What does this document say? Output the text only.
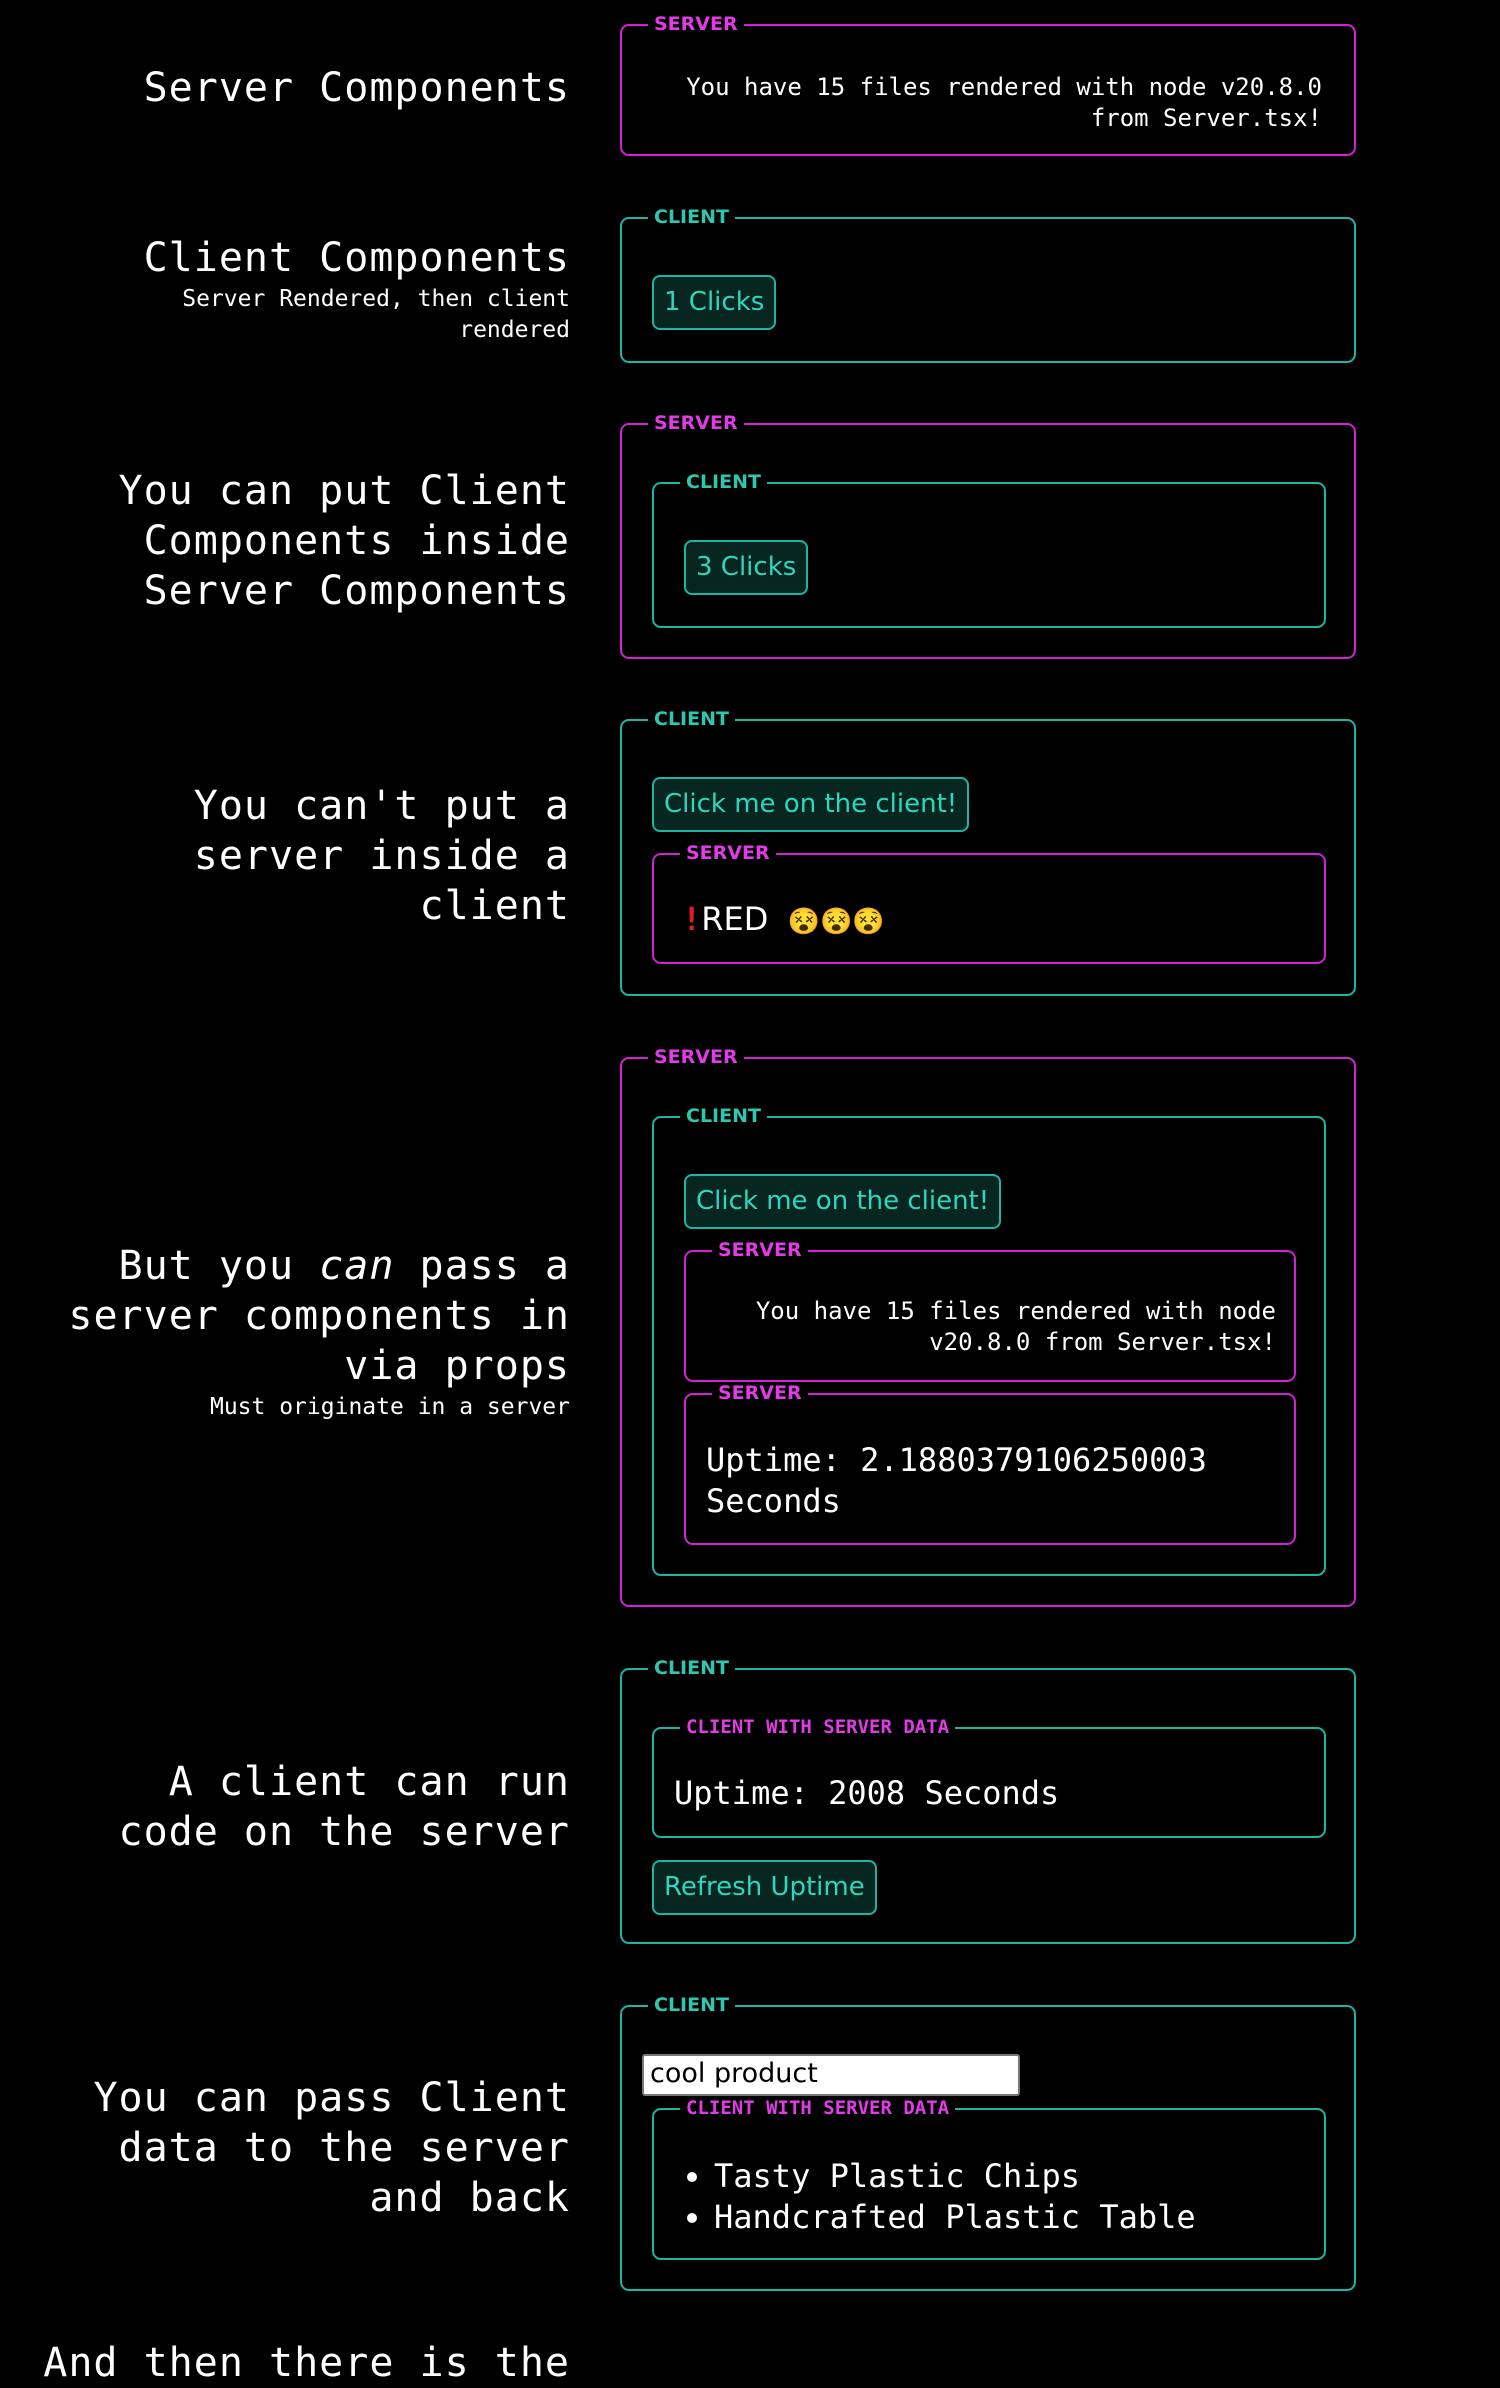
Server Components
SERVER
You have 15 files rendered with node v20.8.0 from Server.tsx!
Client Components
Server Rendered, then client rendered
CLIENT
1 Clicks
You can put Client Components inside Server Components
SERVER
CLIENT
3 Clicks
You can't put a server inside a client
CLIENT
Click me on the client!
SERVER
!RED 😵😵😵
But you can pass a server components in via props
Must originate in a server
SERVER
CLIENT
Click me on the client!
SERVER
You have 15 files rendered with node v20.8.0 from Server.tsx!
SERVER
Uptime: 2.1880379106250003 Seconds
A client can run code on the server
CLIENT
CLIENT WITH SERVER DATA
Uptime: 2008 Seconds
Refresh Uptime
You can pass Client data to the server and back
CLIENT
cool product
CLIENT WITH SERVER DATA
• Tasty Plastic Chips
• Handcrafted Plastic Table
And then there is the
